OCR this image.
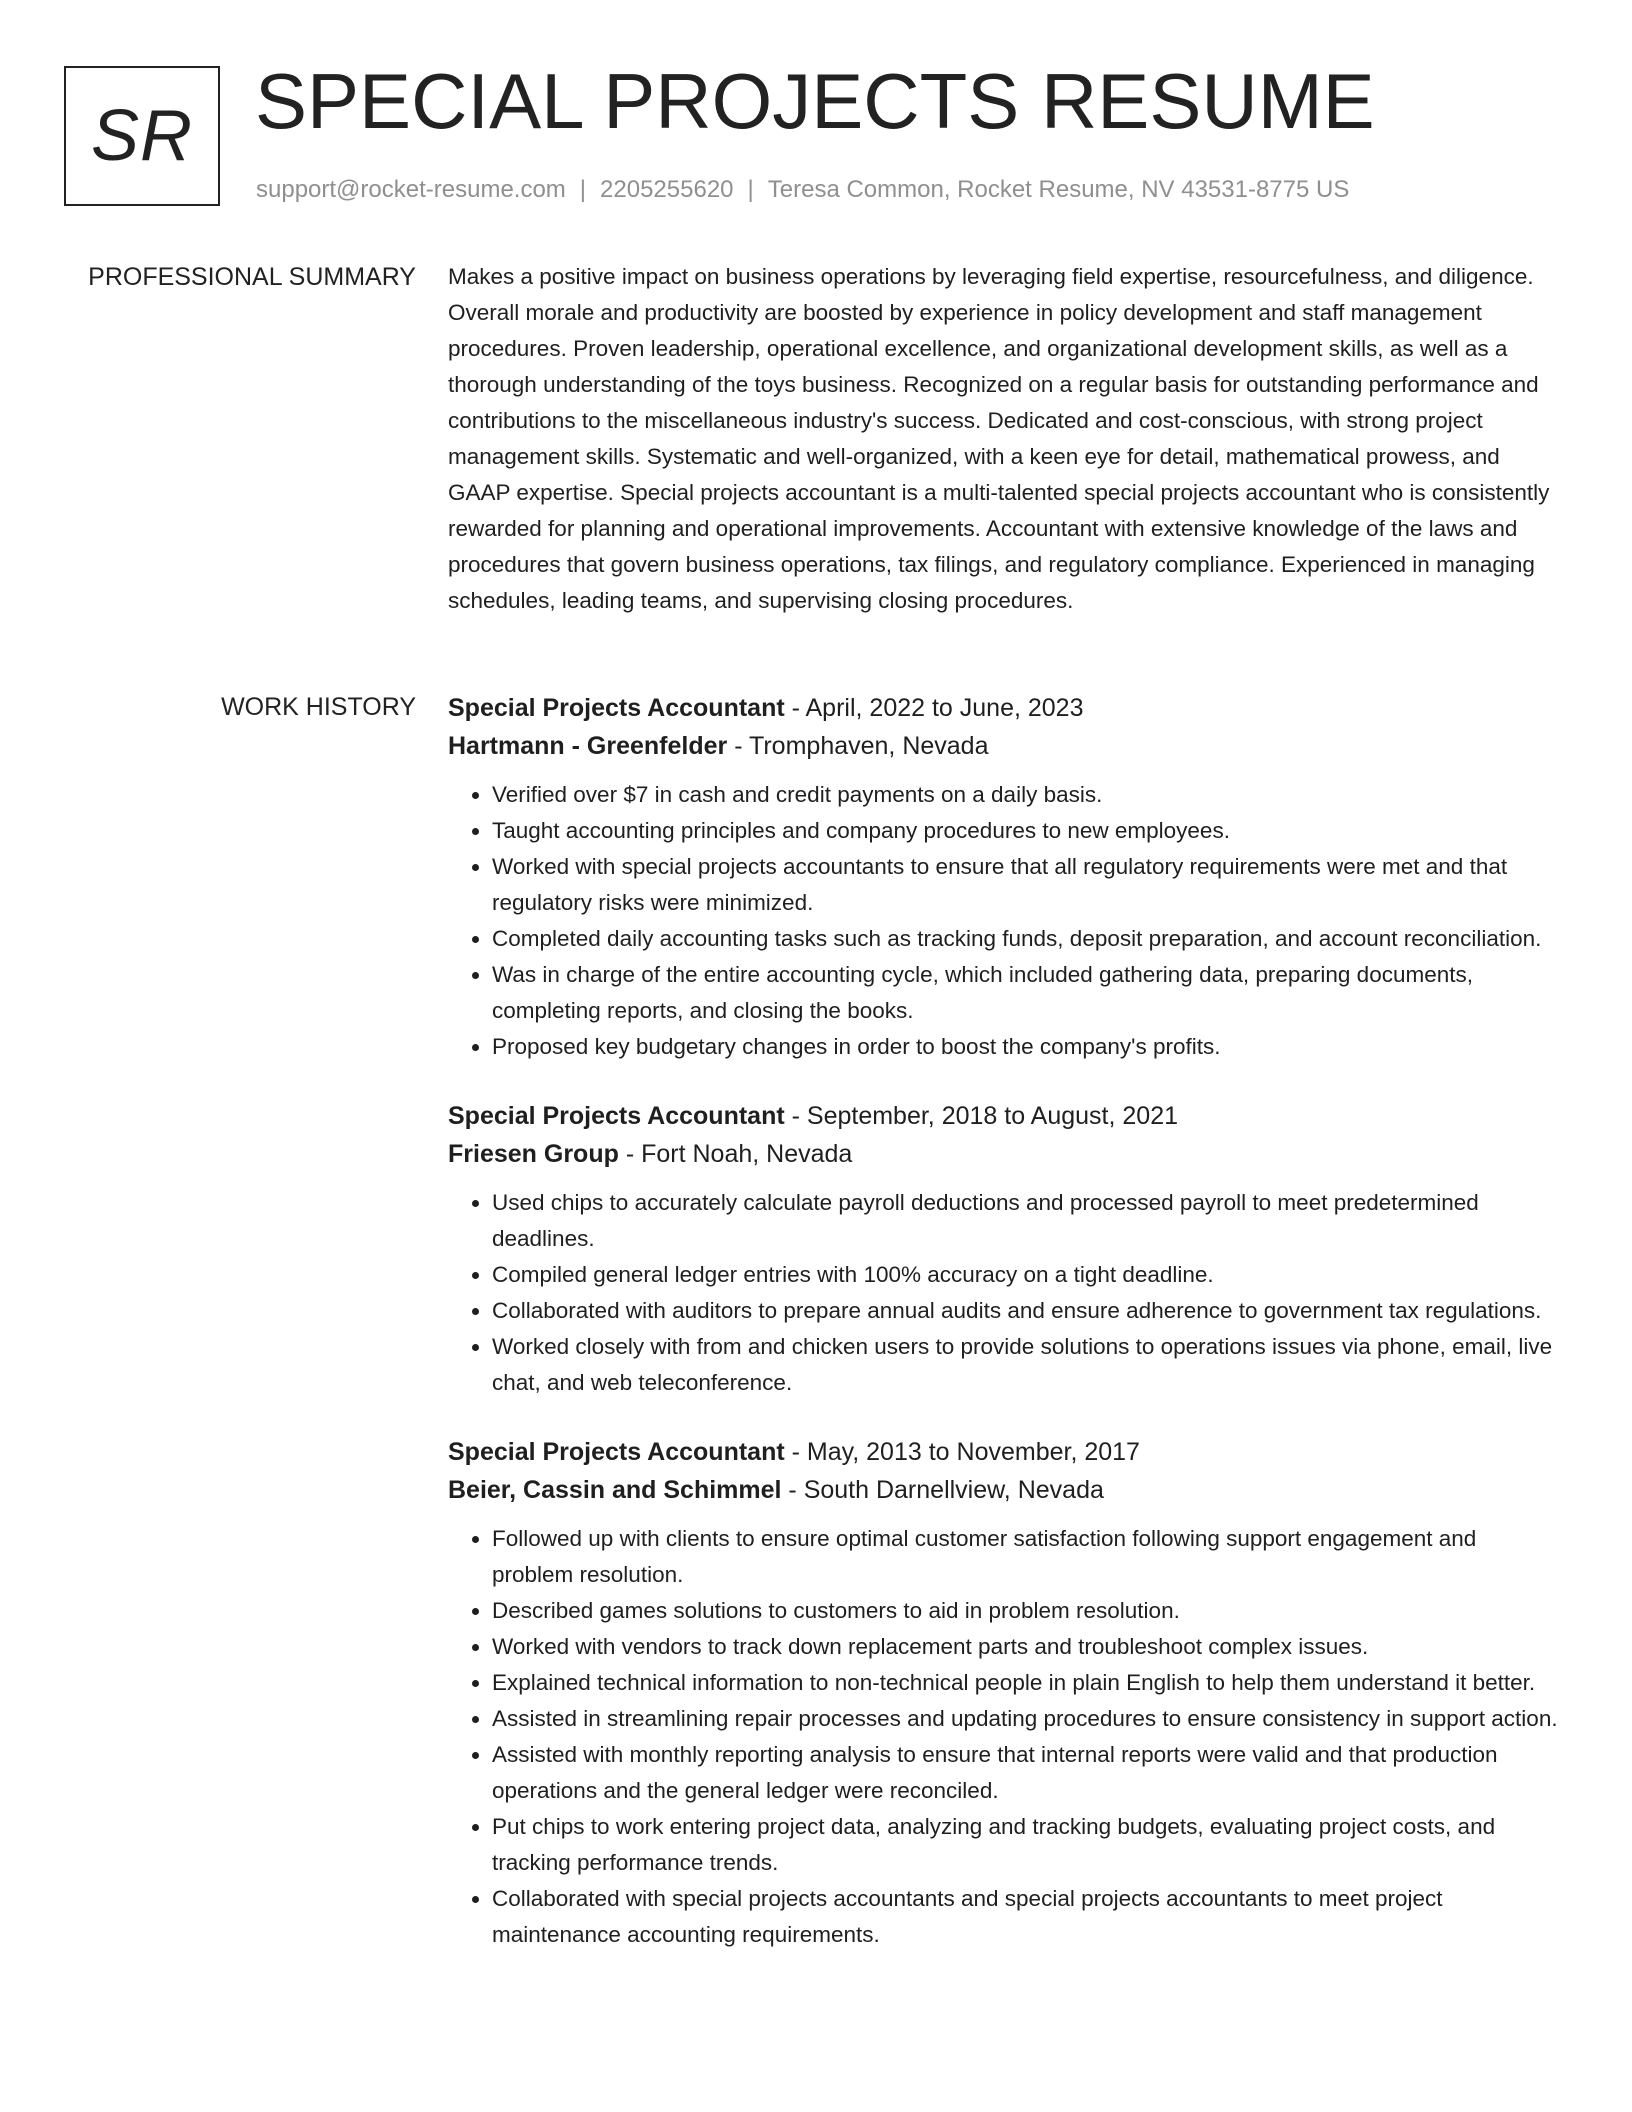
SR SPECIAL PROJECTS RESUME
support@rocket-resume.com | 2205255620 | Teresa Common, Rocket Resume, NV 43531-8775 US
PROFESSIONAL SUMMARY Makes a positive impact on business operations by leveraging field expertise, resourcefulness, and diligence. Overall morale and productivity are boosted by experience in policy development and staff management procedures. Proven leadership, operational excellence, and organizational development skills, as well as a thorough understanding of the toys business. Recognized on a regular basis for outstanding performance and contributions to the miscellaneous industry's success. Dedicated and cost-conscious, with strong project management skills. Systematic and well-organized, with a keen eye for detail, mathematical prowess, and GAAP expertise. Special projects accountant is a multi-talented special projects accountant who is consistently rewarded for planning and operational improvements. Accountant with extensive knowledge of the laws and procedures that govern business operations, tax filings, and regulatory compliance. Experienced in managing schedules, leading teams, and supervising closing procedures.

WORK HISTORY Special Projects Accountant - April, 2022 to June, 2023
Hartmann - Greenfelder - Tromphaven, Nevada
• Verified over $7 in cash and credit payments on a daily basis.
• Taught accounting principles and company procedures to new employees.
• Worked with special projects accountants to ensure that all regulatory requirements were met and that regulatory risks were minimized.
• Completed daily accounting tasks such as tracking funds, deposit preparation, and account reconciliation.
• Was in charge of the entire accounting cycle, which included gathering data, preparing documents, completing reports, and closing the books.
• Proposed key budgetary changes in order to boost the company's profits.
Special Projects Accountant - September, 2018 to August, 2021
Friesen Group - Fort Noah, Nevada
• Used chips to accurately calculate payroll deductions and processed payroll to meet predetermined deadlines.
• Compiled general ledger entries with 100% accuracy on a tight deadline.
• Collaborated with auditors to prepare annual audits and ensure adherence to government tax regulations.
• Worked closely with from and chicken users to provide solutions to operations issues via phone, email, live chat, and web teleconference.
Special Projects Accountant - May, 2013 to November, 2017
Beier, Cassin and Schimmel - South Darnellview, Nevada
• Followed up with clients to ensure optimal customer satisfaction following support engagement and problem resolution.
• Described games solutions to customers to aid in problem resolution.
• Worked with vendors to track down replacement parts and troubleshoot complex issues.
• Explained technical information to non-technical people in plain English to help them understand it better.
• Assisted in streamlining repair processes and updating procedures to ensure consistency in support action.
• Assisted with monthly reporting analysis to ensure that internal reports were valid and that production operations and the general ledger were reconciled.
• Put chips to work entering project data, analyzing and tracking budgets, evaluating project costs, and tracking performance trends.
• Collaborated with special projects accountants and special projects accountants to meet project maintenance accounting requirements.
